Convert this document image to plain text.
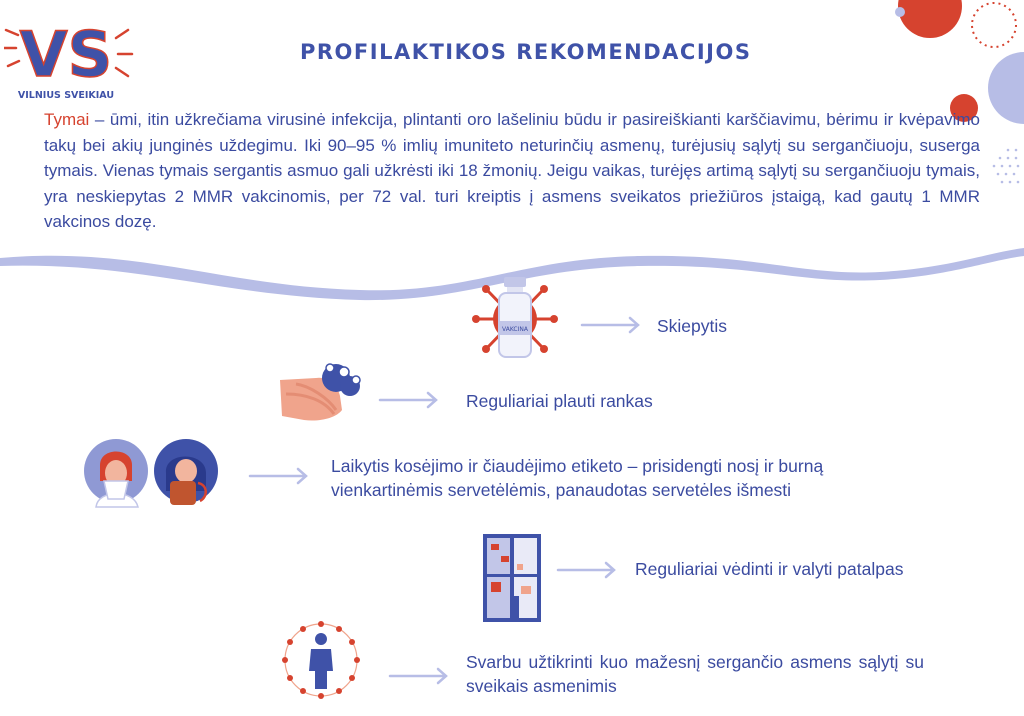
VS
VILNIUS SVEIKIAU
PROFILAKTIKOS REKOMENDACIJOS

Tymai – ūmi, itin užkrečiama virusinė infekcija, plintanti oro lašeliniu būdu ir pasireiškianti karščiavimu, bėrimu ir kvėpavimo takų bei akių junginės uždegimu. Iki 90–95 % imlių imuniteto neturinčių asmenų, turėjusių sąlytį su sergančiuoju, suserga tymais. Vienas tymais sergantis asmuo gali užkrėsti iki 18 žmonių. Jeigu vaikas, turėjęs artimą sąlytį su sergančiuoju tymais, yra neskiepytas 2 MMR vakcinomis, per 72 val. turi kreiptis į asmens sveikatos priežiūros įstaigą, kad gautų 1 MMR vakcinos dozę.

VAKCINA	Skiepytis
Reguliariai plauti rankas
Laikytis kosėjimo ir čiaudėjimo etiketo – prisidengti nosį ir burną vienkartinėmis servetėlėmis, panaudotas servetėles išmesti
Reguliariai vėdinti ir valyti patalpas
Svarbu užtikrinti kuo mažesnį sergančio asmens sąlytį su sveikais asmenimis
